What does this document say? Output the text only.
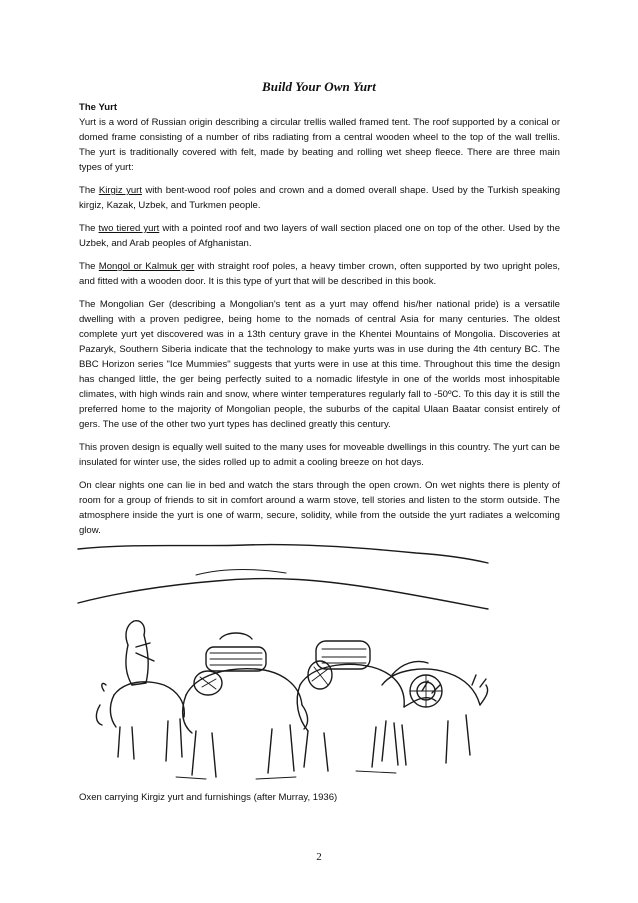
Build Your Own Yurt

The Yurt
Yurt is a word of Russian origin describing a circular trellis walled framed tent. The roof supported by a conical or domed frame consisting of a number of ribs radiating from a central wooden wheel to the top of the wall trellis. The yurt is traditionally covered with felt, made by beating and rolling wet sheep fleece. There are three main types of yurt:

The Kirgiz yurt with bent-wood roof poles and crown and a domed overall shape. Used by the Turkish speaking kirgiz, Kazak, Uzbek, and Turkmen people.

The two tiered yurt with a pointed roof and two layers of wall section placed one on top of the other. Used by the Uzbek, and Arab peoples of Afghanistan.

The Mongol or Kalmuk ger with straight roof poles, a heavy timber crown, often supported by two upright poles, and fitted with a wooden door. It is this type of yurt that will be described in this book.

The Mongolian Ger (describing a Mongolian's tent as a yurt may offend his/her national pride) is a versatile dwelling with a proven pedigree, being home to the nomads of central Asia for many centuries. The oldest complete yurt yet discovered was in a 13th century grave in the Khentei Mountains of Mongolia. Discoveries at Pazaryk, Southern Siberia indicate that the technology to make yurts was in use during the 4th century BC. The BBC Horizon series "Ice Mummies" suggests that yurts were in use at this time. Throughout this time the design has changed little, the ger being perfectly suited to a nomadic lifestyle in one of the worlds most inhospitable climates, with high winds rain and snow, where winter temperatures regularly fall to -50ºC. To this day it is still the preferred home to the majority of Mongolian people, the suburbs of the capital Ulaan Baatar consist entirely of gers. The use of the other two yurt types has declined greatly this century.

This proven design is equally well suited to the many uses for moveable dwellings in this country. The yurt can be insulated for winter use, the sides rolled up to admit a cooling breeze on hot days.

On clear nights one can lie in bed and watch the stars through the open crown. On wet nights there is plenty of room for a group of friends to sit in comfort around a warm stove, tell stories and listen to the storm outside. The atmosphere inside the yurt is one of warm, secure, solidity, while from the outside the yurt radiates a welcoming glow.

Oxen carrying Kirgiz yurt and furnishings (after Murray, 1936)
2
